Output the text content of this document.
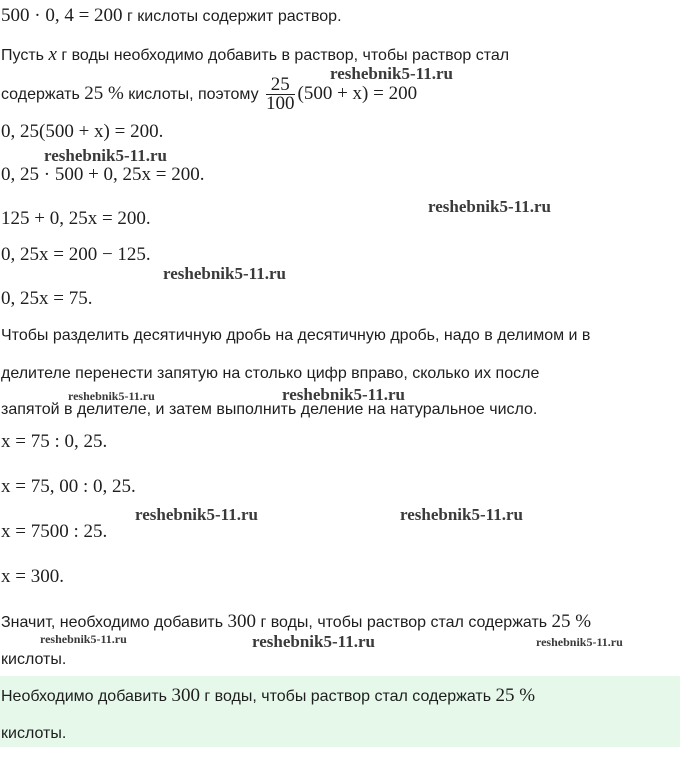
500 · 0, 4 = 200 г кислоты содержит раствор.
Пусть x г воды необходимо добавить в раствор, чтобы раствор стал
содержать 25 % кислоты, поэтому $\frac{25}{100} (500 + x) = 200$
0, 25(500 + x) = 200.
0, 25 · 500 + 0, 25x = 200.
125 + 0, 25x = 200.
0, 25x = 200 − 125.
0, 25x = 75.
Чтобы разделить десятичную дробь на десятичную дробь, надо в делимом и в
делителе перенести запятую на столько цифр вправо, сколько их после
запятой в делителе, и затем выполнить деление на натуральное число.
x = 75 : 0, 25.
x = 75, 00 : 0, 25.
x = 7500 : 25.
x = 300.
Значит, необходимо добавить 300 г воды, чтобы раствор стал содержать 25 %
кислоты.
Необходимо добавить 300 г воды, чтобы раствор стал содержать 25 %
кислоты.
reshebnik5-11.ru
reshebnik5-11.ru
reshebnik5-11.ru
reshebnik5-11.ru
reshebnik5-11.ru	reshebnik5-11.ru
reshebnik5-11.ru	reshebnik5-11.ru
reshebnik5-11.ru	reshebnik5-11.ru	reshebnik5-11.ru
